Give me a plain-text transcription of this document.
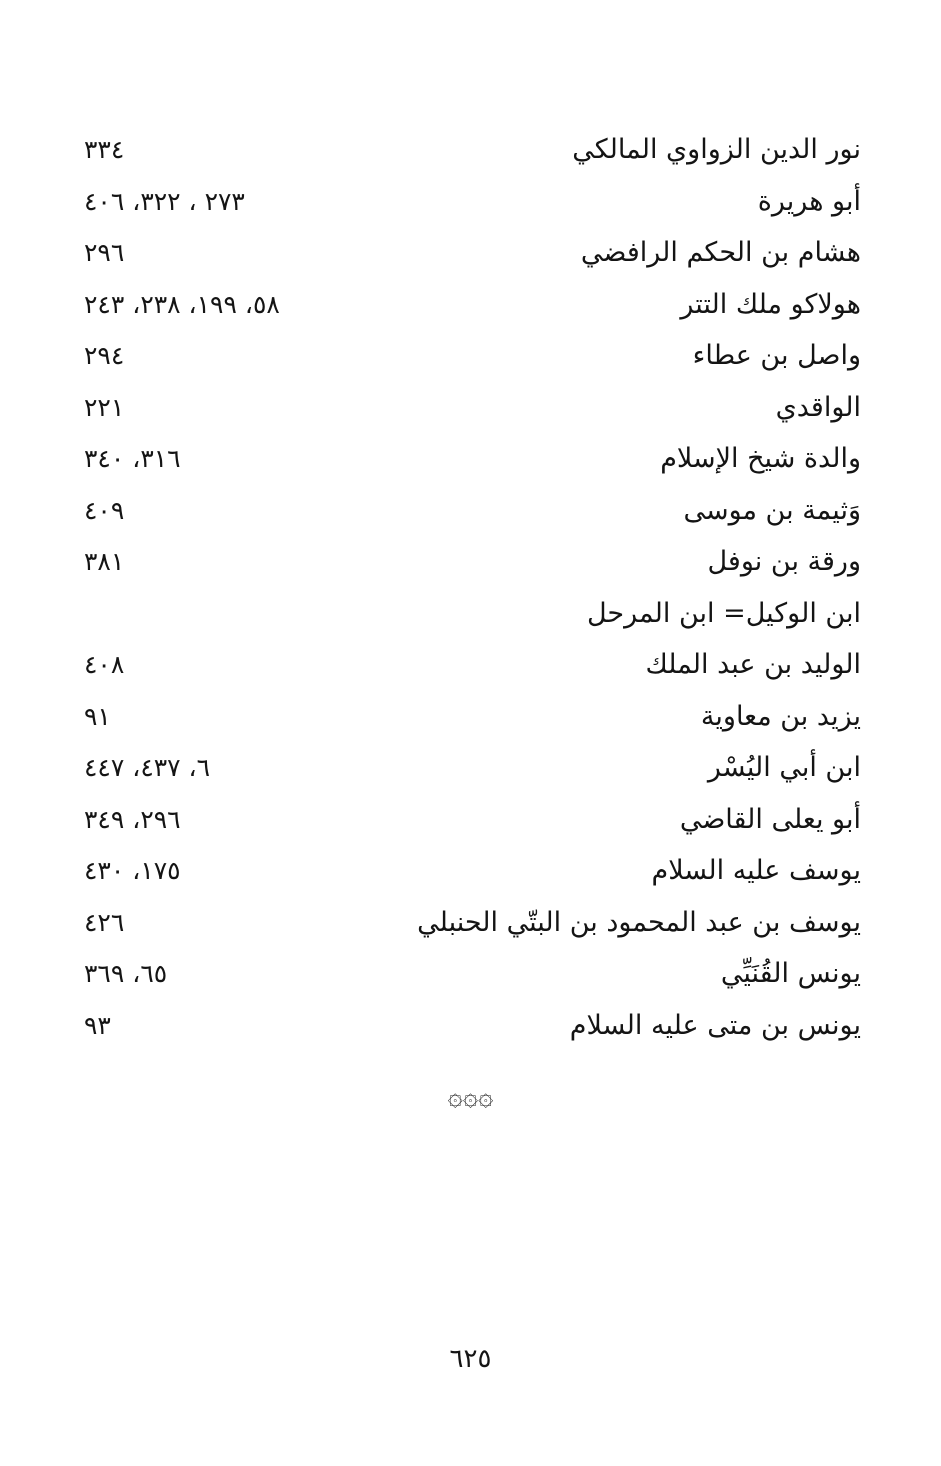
نور الدين الزواوي المالكي
٣٣٤
أبو هريرة
٢٧٣ ، ٣٢٢، ٤٠٦
هشام بن الحكم الرافضي
٢٩٦
هولاكو ملك التتر
٥٨، ١٩٩، ٢٣٨، ٢٤٣
واصل بن عطاء
٢٩٤
الواقدي
٢٢١
والدة شيخ الإسلام
٣١٦، ٣٤٠
وَثيمة بن موسى
٤٠٩
ورقة بن نوفل
٣٨١
ابن الوكيل= ابن المرحل
الوليد بن عبد الملك
٤٠٨
يزيد بن معاوية
٩١
ابن أبي اليُسْر
٦، ٤٣٧، ٤٤٧
أبو يعلى القاضي
٢٩٦، ٣٤٩
يوسف عليه السلام
١٧٥، ٤٣٠
يوسف بن عبد المحمود بن البتّي الحنبلي
٤٢٦
يونس القُنَيِّي
٦٥، ٣٦٩
يونس بن متى عليه السلام
٩٣
۞۞۞
٦٢٥
